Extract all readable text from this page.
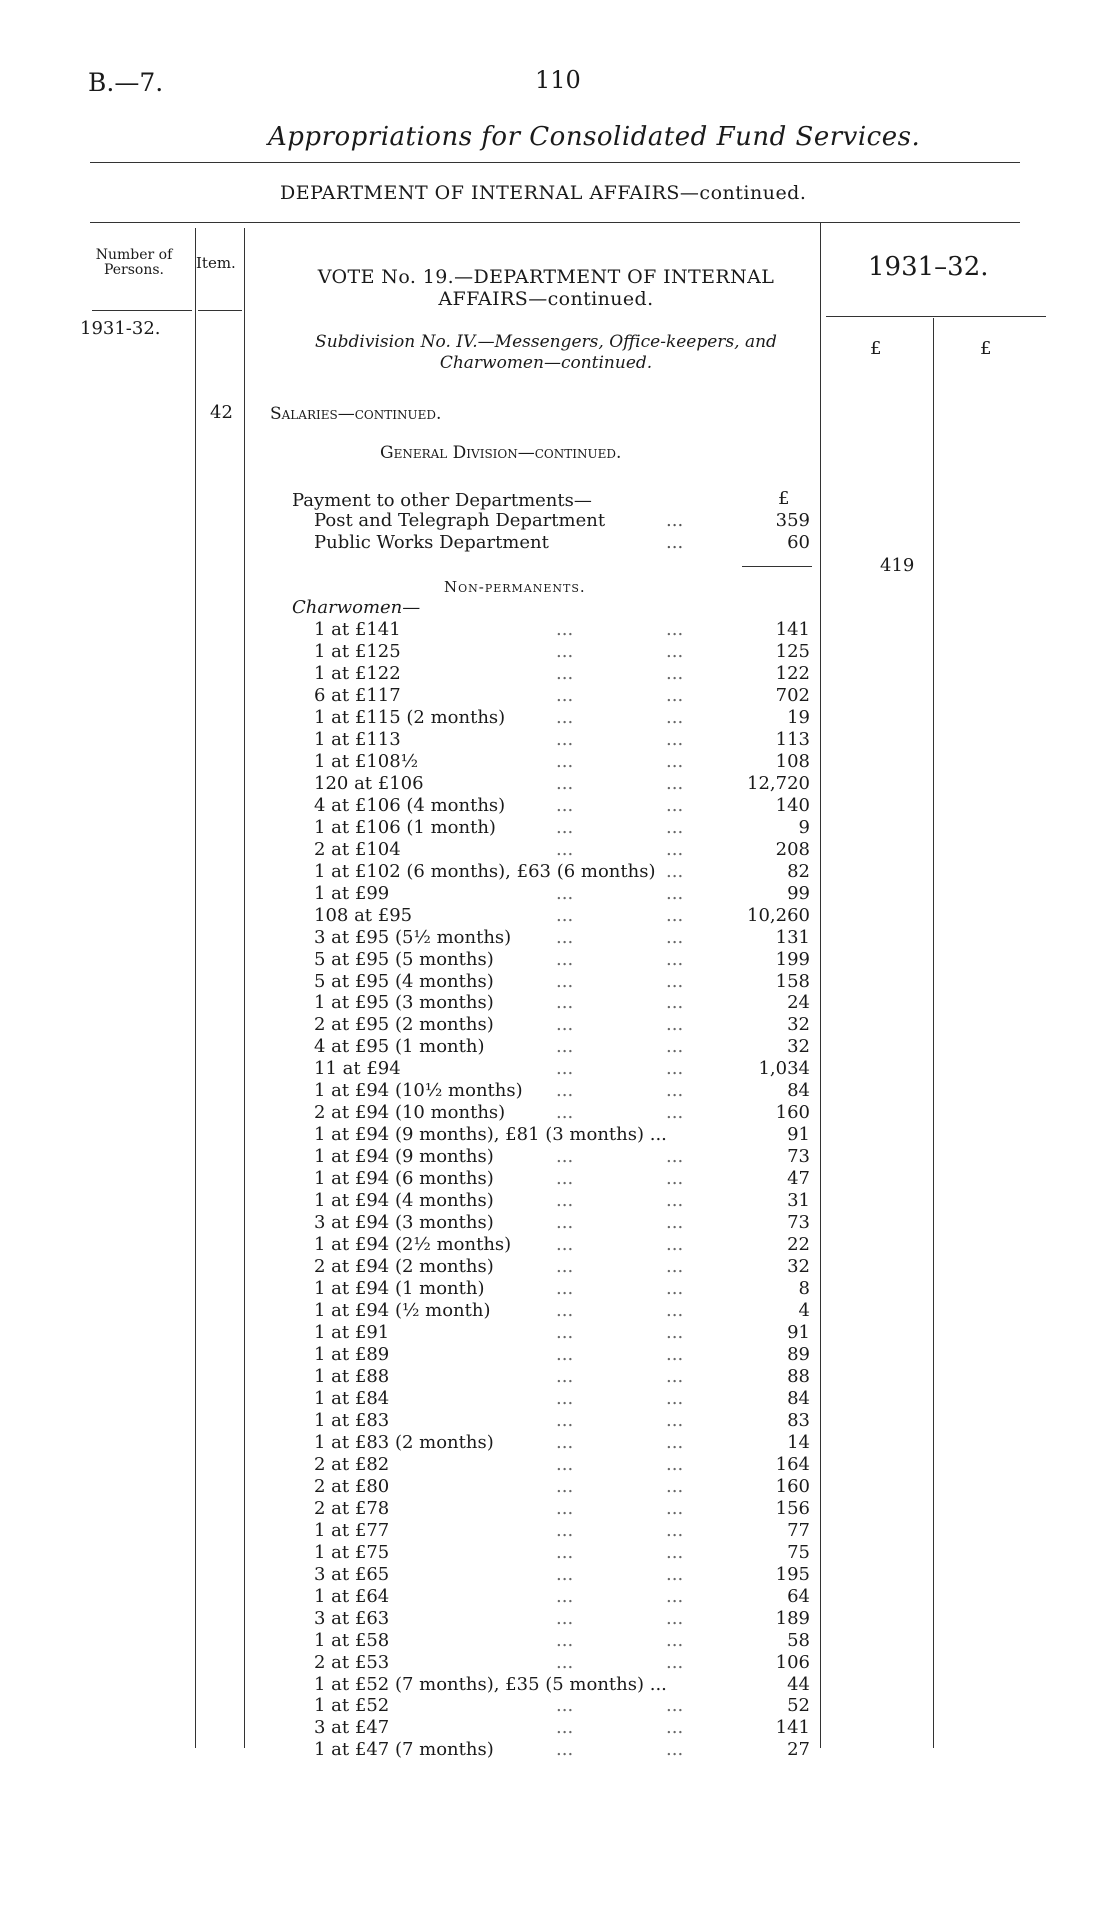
B.—7.	110
Appropriations for Consolidated Fund Services.
DEPARTMENT OF INTERNAL AFFAIRS—continued.
Number of Persons.	Item.
1931-32.
VOTE No. 19.—DEPARTMENT OF INTERNAL AFFAIRS—continued.
1931–32.
£	£
Subdivision No. IV.—Messengers, Office-keepers, and Charwomen—continued.
42 Salaries—continued.
General Division—continued.
Payment to other Departments—	£
Post and Telegraph Department	...	359
Public Works Department	...	60
419
Non-permanents.
Charwomen—
1 at £141	...	...	141
1 at £125	...	...	125
1 at £122	...	...	122
6 at £117	...	...	702
1 at £115 (2 months)	...	...	19
1 at £113	...	...	113
1 at £108½	...	...	108
120 at £106	...	...	12,720
4 at £106 (4 months)	...	...	140
1 at £106 (1 month)	...	...	9
2 at £104	...	...	208
1 at £102 (6 months), £63 (6 months) ...	82
1 at £99	...	...	99
108 at £95	...	...	10,260
3 at £95 (5½ months) ...	...	131
5 at £95 (5 months)	...	...	199
5 at £95 (4 months)	...	...	158
1 at £95 (3 months)	...	...	24
2 at £95 (2 months)	...	...	32
4 at £95 (1 month)	...	...	32
11 at £94	...	...	1,034
1 at £94 (10½ months) ...	...	84
2 at £94 (10 months)	...	...	160
1 at £94 (9 months), £81 (3 months) ...	91
1 at £94 (9 months)	...	...	73
1 at £94 (6 months)	...	...	47
1 at £94 (4 months)	...	...	31
3 at £94 (3 months)	...	...	73
1 at £94 (2½ months) ...	...	22
2 at £94 (2 months)	...	...	32
1 at £94 (1 month)	...	...	8
1 at £94 (½ month)	...	...	4
1 at £91	...	...	91
1 at £89	...	...	89
1 at £88	...	...	88
1 at £84	...	...	84
1 at £83	...	...	83
1 at £83 (2 months)	...	...	14
2 at £82	...	...	164
2 at £80	...	...	160
2 at £78	...	...	156
1 at £77	...	...	77
1 at £75	...	...	75
3 at £65	...	...	195
1 at £64	...	...	64
3 at £63	...	...	189
1 at £58	...	...	58
2 at £53	...	...	106
1 at £52 (7 months), £35 (5 months) ...	44
1 at £52	...	...	52
3 at £47	...	...	141
1 at £47 (7 months)	...	...	27
